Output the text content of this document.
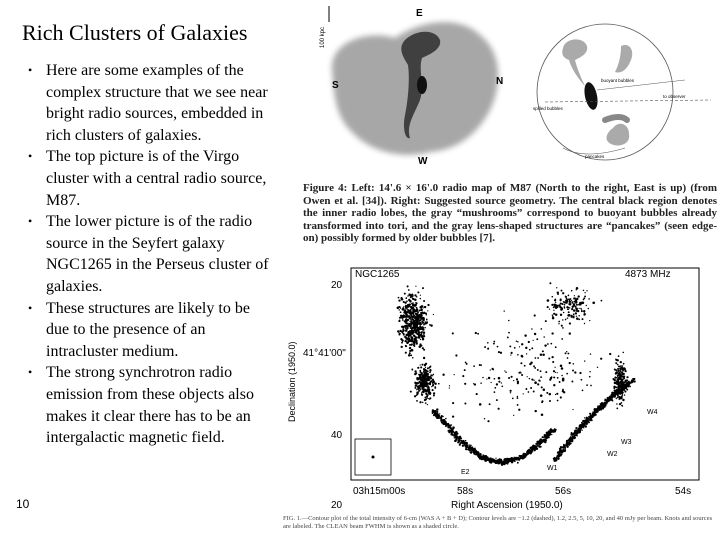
Rich Clusters of Galaxies
• Here are some examples of the complex structure that we see near bright radio sources, embedded in rich clusters of galaxies.
• The top picture is of the Virgo cluster with a central radio source, M87.
• The lower picture is of the radio source in the Seyfert galaxy NGC1265 in the Perseus cluster of galaxies.
• These structures are likely to be due to the presence of an intracluster medium.
• The strong synchrotron radio emission from these objects also makes it clear there has to be an intergalactic magnetic field.
10
E
W
N
S
100 kpc
buoyant bubbles
spilled bubbles
to observer
pancakes
Figure 4: Left: 14'.6 × 16'.0 radio map of M87 (North to the right, East is up) (from Owen et al. [34]). Right: Suggested source geometry. The central black region denotes the inner radio lobes, the gray “mushrooms” correspond to buoyant bubbles already transformed into tori, and the gray lens-shaped structures are “pancakes” (seen edge-on) possibly formed by older bubbles [7].
NGC1265	4873 MHz
Declination (1950.0)
20
41°41'00"
40
20
03h15m00s	58s	56s	54s
Right Ascension (1950.0)
E2
W1
W2
W3
W4
FIG. 1.—Contour plot of the total intensity of 6-cm (WAS A + B + D); Contour levels are −1.2 (dashed), 1.2, 2.5, 5, 10, 20, and 40 mJy per beam. Knots and sources are labeled. The CLEAN beam FWHM is shown as a shaded circle.
